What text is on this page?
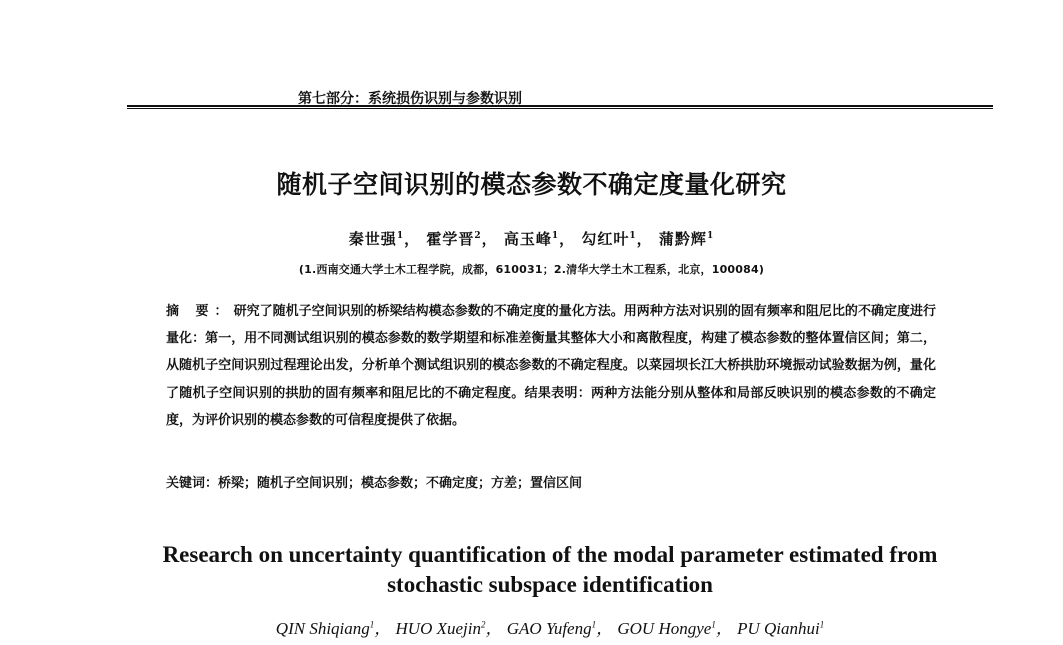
第七部分：系统损伤识别与参数识别
随机子空间识别的模态参数不确定度量化研究
秦世强$^1$， 霍学晋$^2$， 高玉峰$^1$， 勾红叶$^1$， 蒲黔辉$^1$
(1.西南交通大学土木工程学院，成都，610031；2.清华大学土木工程系，北京，100084)
摘 要：研究了随机子空间识别的桥梁结构模态参数的不确定度的量化方法。用两种方法对识别的固有频率和阻尼比的不确定度进行量化：第一，用不同测试组识别的模态参数的数学期望和标准差衡量其整体大小和离散程度，构建了模态参数的整体置信区间；第二，从随机子空间识别过程理论出发，分析单个测试组识别的模态参数的不确定程度。以菜园坝长江大桥拱肋环境振动试验数据为例，量化了随机子空间识别的拱肋的固有频率和阻尼比的不确定程度。结果表明：两种方法能分别从整体和局部反映识别的模态参数的不确定度，为评价识别的模态参数的可信程度提供了依据。
关键词：桥梁；随机子空间识别；模态参数；不确定度；方差；置信区间
Research on uncertainty quantification of the modal parameter estimated from
stochastic subspace identification
QIN Shiqiang$^1$， HUO Xuejin$^2$， GAO Yufeng$^1$， GOU Hongye$^1$， PU Qianhui$^1$
